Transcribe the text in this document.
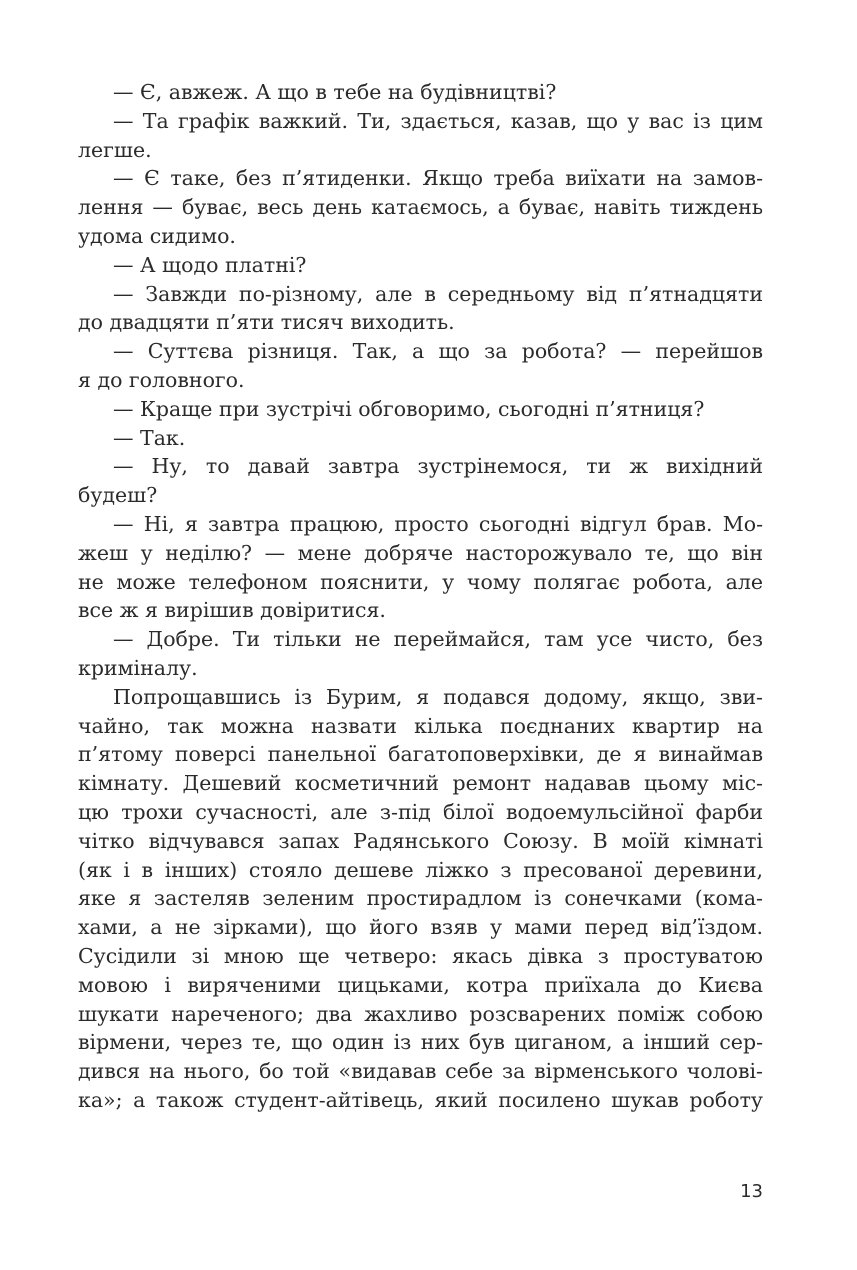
— Є, авжеж. А що в тебе на будівництві?
— Та графік важкий. Ти, здається, казав, що у вас із цим
легше.
— Є таке, без п’ятиденки. Якщо треба виїхати на замов-
лення — буває, весь день катаємось, а буває, навіть тиждень
удома сидимо.
— А щодо платні?
— Завжди по-різному, але в середньому від п’ятнадцяти
до двадцяти п’яти тисяч виходить.
— Суттєва різниця. Так, а що за робота? — перейшов
я до головного.
— Краще при зустрічі обговоримо, сьогодні п’ятниця?
— Так.
— Ну, то давай завтра зустрінемося, ти ж вихідний
будеш?
— Ні, я завтра працюю, просто сьогодні відгул брав. Мо-
жеш у неділю? — мене добряче насторожувало те, що він
не може телефоном пояснити, у чому полягає робота, але
все ж я вирішив довіритися.
— Добре. Ти тільки не переймайся, там усе чисто, без
криміналу.
Попрощавшись із Бурим, я подався додому, якщо, зви-
чайно, так можна назвати кілька поєднаних квартир на
п’ятому поверсі панельної багатоповерхівки, де я винаймав
кімнату. Дешевий косметичний ремонт надавав цьому міс-
цю трохи сучасності, але з-під білої водоемульсійної фарби
чітко відчувався запах Радянського Союзу. В моїй кімнаті
(як і в інших) стояло дешеве ліжко з пресованої деревини,
яке я застеляв зеленим простирадлом із сонечками (кома-
хами, а не зірками), що його взяв у мами перед від’їздом.
Сусідили зі мною ще четверо: якась дівка з простуватою
мовою і виряченими цицьками, котра приїхала до Києва
шукати нареченого; два жахливо розсварених поміж собою
вірмени, через те, що один із них був циганом, а інший сер-
дився на нього, бо той «видавав себе за вірменського чолові-
ка»; а також студент-айтівець, який посилено шукав роботу
13
